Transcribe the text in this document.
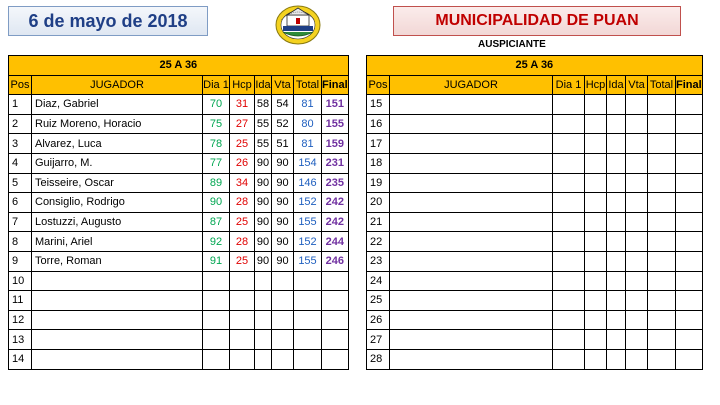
6 de mayo de 2018	MUNICIPALIDAD DE PUAN
AUSPICIANTE
25 A 36							
Pos	JUGADOR	Dia 1	Hcp	Ida	Vta	Total	Final
1	Diaz, Gabriel	70	31	58	54	81	151
2	Ruiz Moreno, Horacio	75	27	55	52	80	155
3	Alvarez, Luca	78	25	55	51	81	159
4	Guijarro, M.	77	26	90	90	154	231
5	Teisseire, Oscar	89	34	90	90	146	235
6	Consiglio, Rodrigo	90	28	90	90	152	242
7	Lostuzzi, Augusto	87	25	90	90	155	242
8	Marini, Ariel	92	28	90	90	152	244
9	Torre, Roman	91	25	90	90	155	246
10							
11							
12							
13							
14							
25 A 36							
Pos	JUGADOR	Dia 1	Hcp	Ida	Vta	Total	Final
15							
16							
17							
18							
19							
20							
21							
22							
23							
24							
25							
26							
27							
28							
